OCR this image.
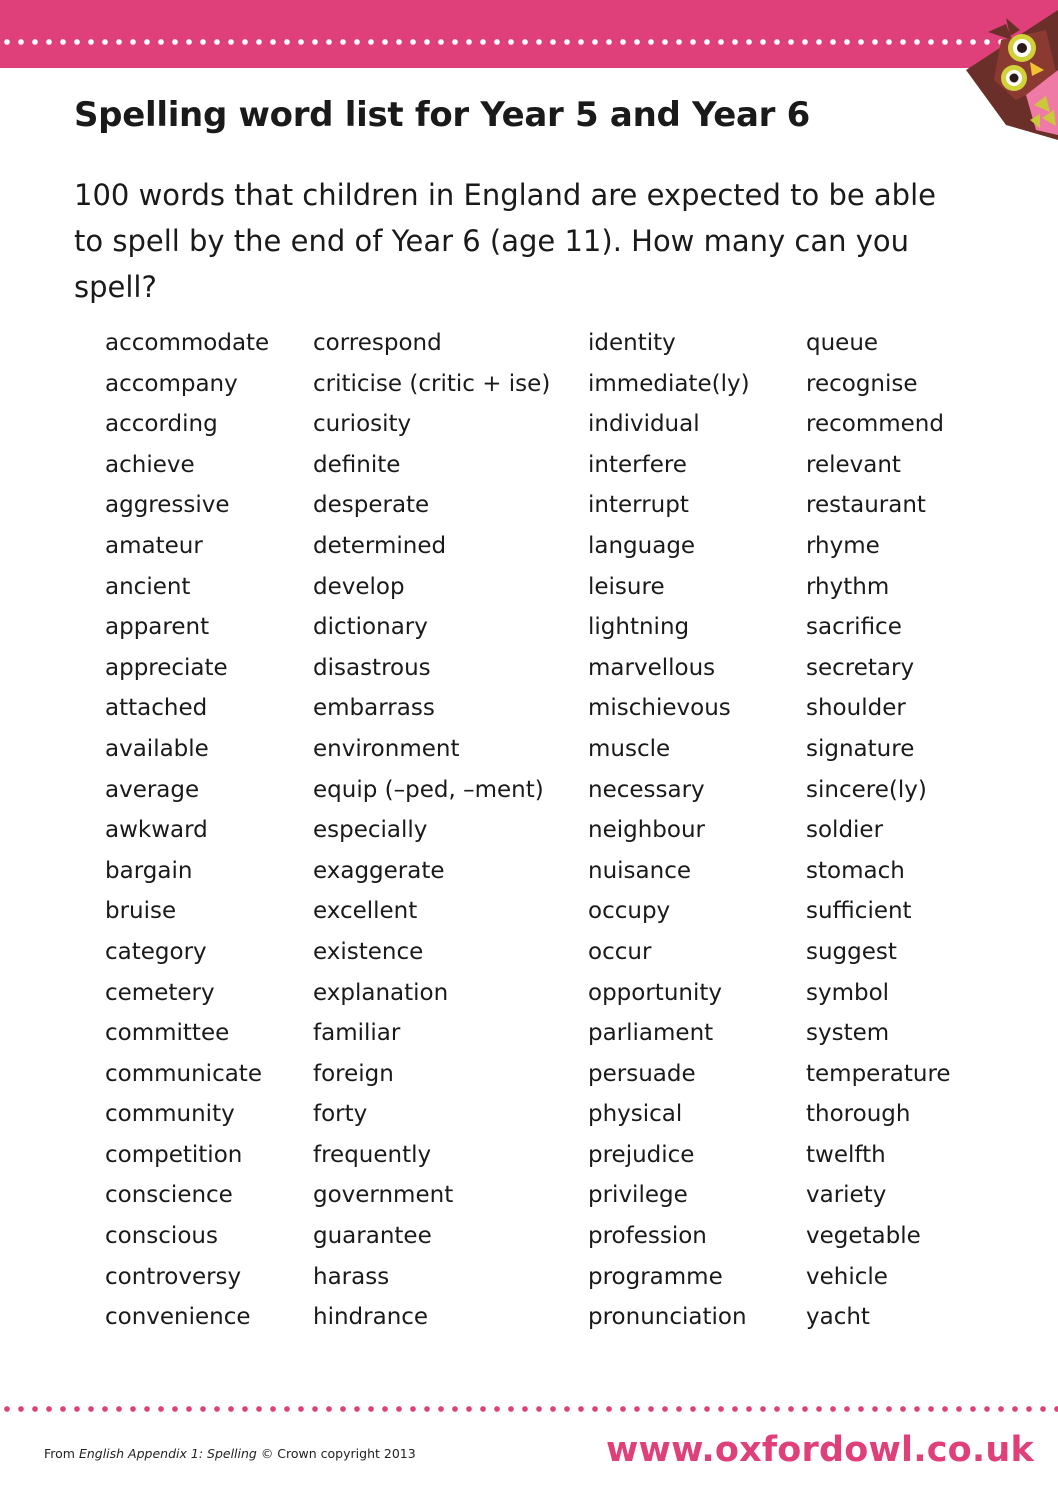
Spelling word list for Year 5 and Year 6

100 words that children in England are expected to be able to spell by the end of Year 6 (age 11). How many can you spell?

accommodate
accompany
according
achieve
aggressive
amateur
ancient
apparent
appreciate
attached
available
average
awkward
bargain
bruise
category
cemetery
committee
communicate
community
competition
conscience
conscious
controversy
convenience
correspond
criticise (critic + ise)
curiosity
definite
desperate
determined
develop
dictionary
disastrous
embarrass
environment
equip (–ped, –ment)
especially
exaggerate
excellent
existence
explanation
familiar
foreign
forty
frequently
government
guarantee
harass
hindrance
identity
immediate(ly)
individual
interfere
interrupt
language
leisure
lightning
marvellous
mischievous
muscle
necessary
neighbour
nuisance
occupy
occur
opportunity
parliament
persuade
physical
prejudice
privilege
profession
programme
pronunciation
queue
recognise
recommend
relevant
restaurant
rhyme
rhythm
sacrifice
secretary
shoulder
signature
sincere(ly)
soldier
stomach
sufficient
suggest
symbol
system
temperature
thorough
twelfth
variety
vegetable
vehicle
yacht
From English Appendix 1: Spelling © Crown copyright 2013	www.oxfordowl.co.uk
